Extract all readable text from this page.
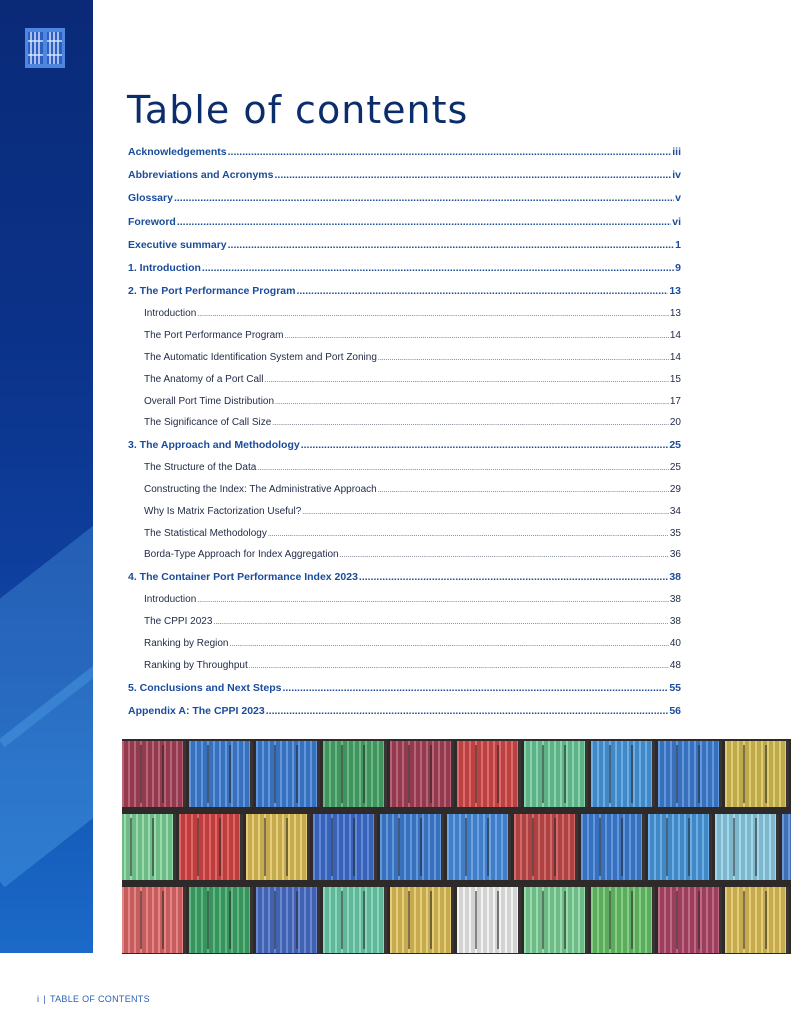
Table of contents
Acknowledgements .....	iii
Abbreviations and Acronyms .....	iv
Glossary .....	v
Foreword .....	vi
Executive summary .....	1
1. Introduction .....	9
2. The Port Performance Program .....	13
Introduction .....	13
The Port Performance Program .....	14
The Automatic Identification System and Port Zoning .....	14
The Anatomy of a Port Call .....	15
Overall Port Time Distribution .....	17
The Significance of Call Size .....	20
3. The Approach and Methodology .....	25
The Structure of the Data .....	25
Constructing the Index: The Administrative Approach .....	29
Why Is Matrix Factorization Useful? .....	34
The Statistical Methodology .....	35
Borda-Type Approach for Index Aggregation .....	36
4. The Container Port Performance Index 2023 .....	38
Introduction .....	38
The CPPI 2023 .....	38
Ranking by Region .....	40
Ranking by Throughput .....	48
5. Conclusions and Next Steps .....	55
Appendix A: The CPPI 2023 .....	56
i | TABLE OF CONTENTS
